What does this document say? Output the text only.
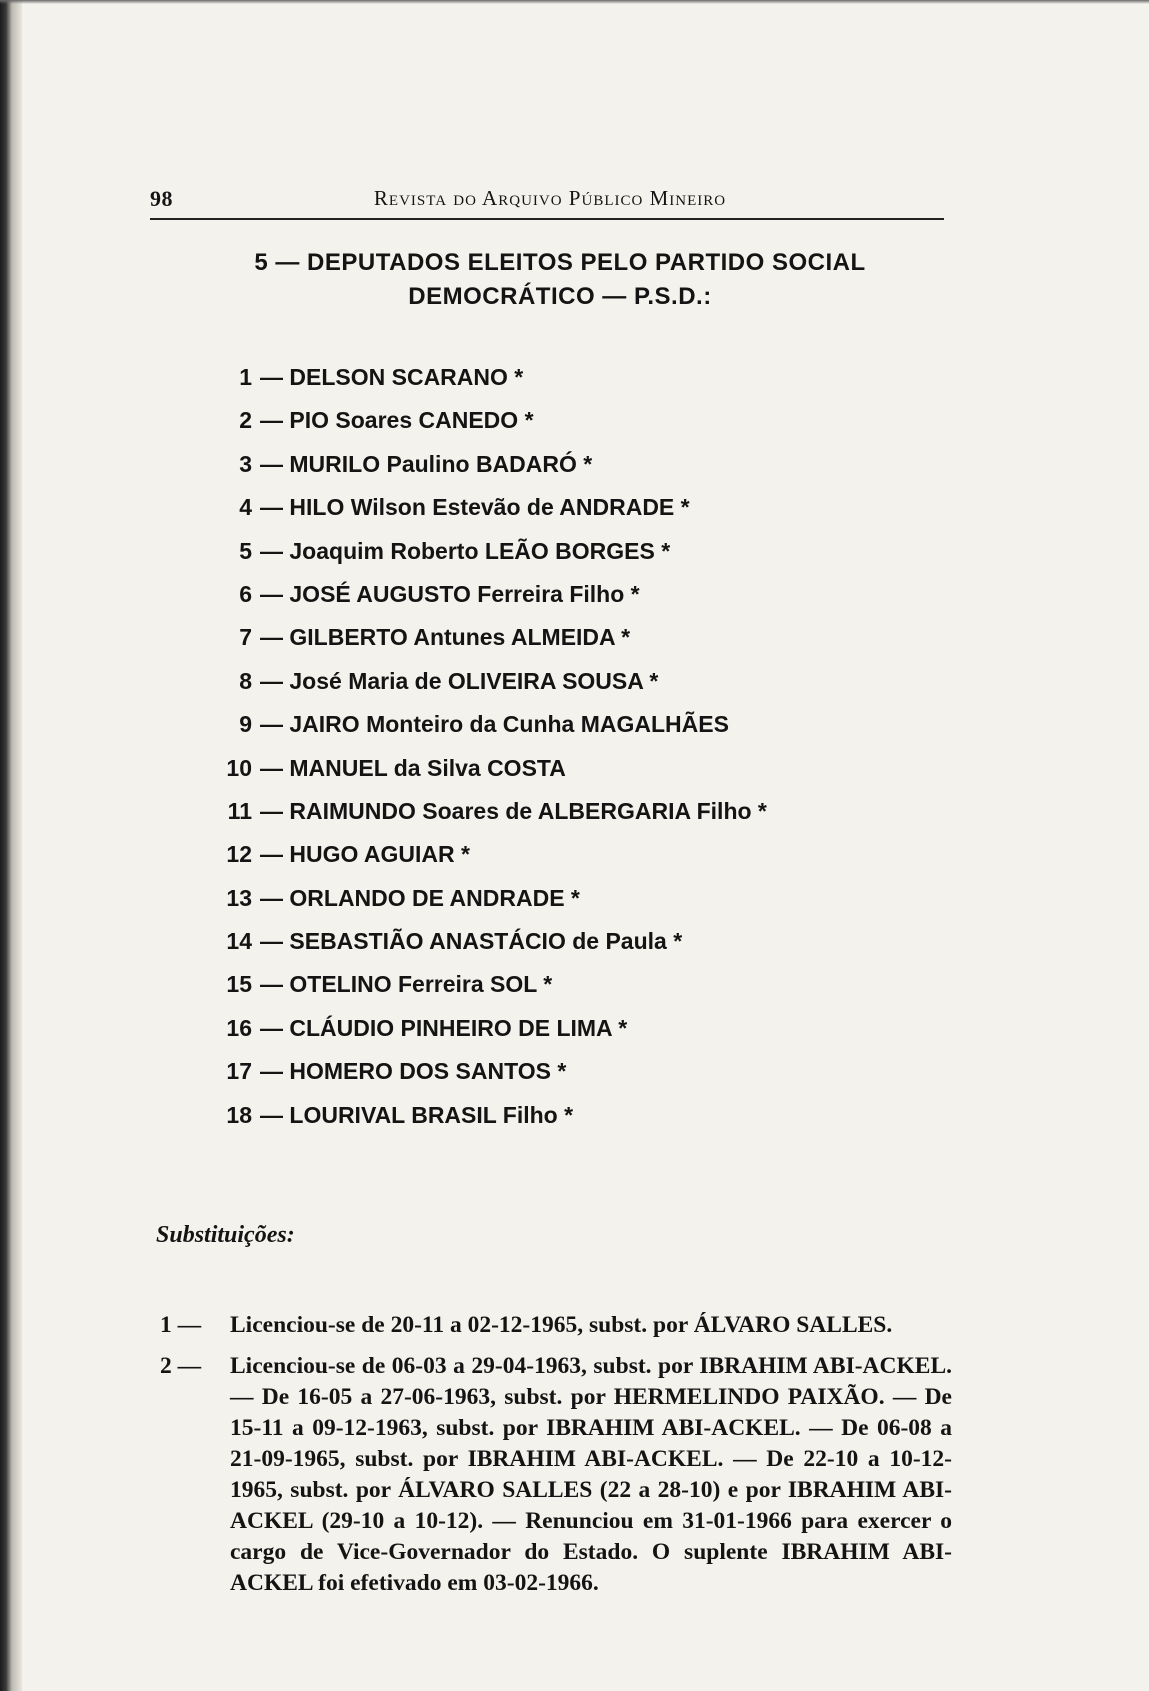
98	Revista do Arquivo Público Mineiro
5 — DEPUTADOS ELEITOS PELO PARTIDO SOCIAL
DEMOCRÁTICO — P.S.D.:
1 — DELSON SCARANO *
2 — PIO Soares CANEDO *
3 — MURILO Paulino BADARÓ *
4 — HILO Wilson Estevão de ANDRADE *
5 — Joaquim Roberto LEÃO BORGES *
6 — JOSÉ AUGUSTO Ferreira Filho *
7 — GILBERTO Antunes ALMEIDA *
8 — José Maria de OLIVEIRA SOUSA *
9 — JAIRO Monteiro da Cunha MAGALHÃES
10 — MANUEL da Silva COSTA
11 — RAIMUNDO Soares de ALBERGARIA Filho *
12 — HUGO AGUIAR *
13 — ORLANDO DE ANDRADE *
14 — SEBASTIÃO ANASTÁCIO de Paula *
15 — OTELINO Ferreira SOL *
16 — CLÁUDIO PINHEIRO DE LIMA *
17 — HOMERO DOS SANTOS *
18 — LOURIVAL BRASIL Filho *
Substituições:
1 —	Licenciou-se de 20-11 a 02-12-1965, subst. por ÁLVARO SALLES.
2 —	Licenciou-se de 06-03 a 29-04-1963, subst. por IBRAHIM ABI-ACKEL. — De 16-05 a 27-06-1963, subst. por HERMELINDO PAIXÃO. — De 15-11 a 09-12-1963, subst. por IBRAHIM ABI-ACKEL. — De 06-08 a 21-09-1965, subst. por IBRAHIM ABI-ACKEL. — De 22-10 a 10-12-1965, subst. por ÁLVARO SALLES (22 a 28-10) e por IBRAHIM ABI-ACKEL (29-10 a 10-12). — Renunciou em 31-01-1966 para exercer o cargo de Vice-Governador do Estado. O suplente IBRAHIM ABI-ACKEL foi efetivado em 03-02-1966.
